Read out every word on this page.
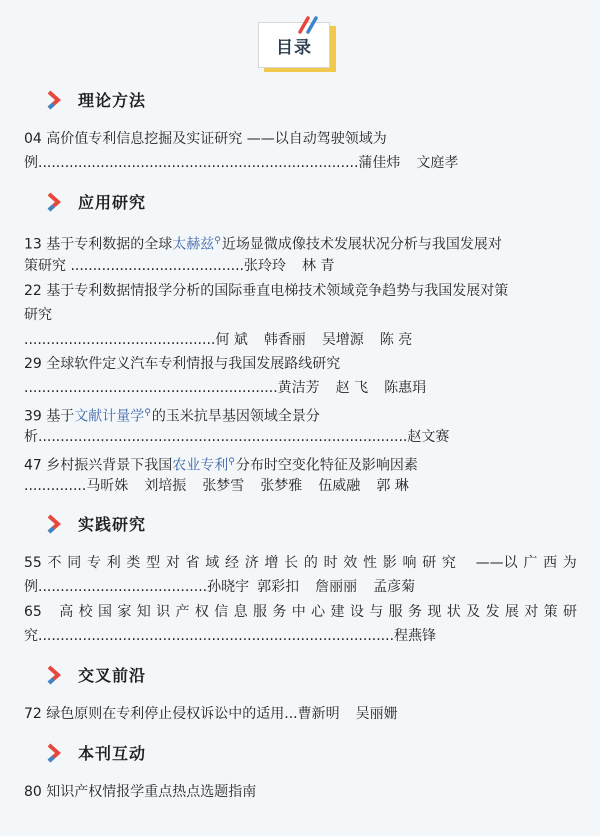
目录
理论方法
04 高价值专利信息挖掘及实证研究 ——以自动驾驶领域为
例........................................................................蒲佳炜 文庭孝
应用研究
13 基于专利数据的全球太赫兹⚲近场显微成像技术发展状况分析与我国发展对
策研究 .......................................张玲玲 林 青
22 基于专利数据情报学分析的国际垂直电梯技术领域竞争趋势与我国发展对策
研究
...........................................何 斌 韩香丽 吴增源 陈 亮
29 全球软件定义汽车专利情报与我国发展路线研究
.........................................................黄洁芳 赵 飞 陈惠琄
39 基于文献计量学⚲的玉米抗旱基因领域全景分
析...................................................................................赵文赛
47 乡村振兴背景下我国农业专利⚲分布时空变化特征及影响因素
..............马昕姝 刘培振 张梦雪 张梦雅 伍威融 郭 琳
实践研究
55 不 同 专 利 类 型 对 省 域 经 济 增 长 的 时 效 性 影 响 研 究 ——以 广 西 为
例......................................孙晓宇 郭彩扣 詹丽丽 孟彦菊
65 高 校 国 家 知 识 产 权 信 息 服 务 中 心 建 设 与 服 务 现 状 及 发 展 对 策 研
究................................................................................程燕锋
交叉前沿
72 绿色原则在专利停止侵权诉讼中的适用...曹新明 吴丽姗
本刊互动
80 知识产权情报学重点热点选题指南
